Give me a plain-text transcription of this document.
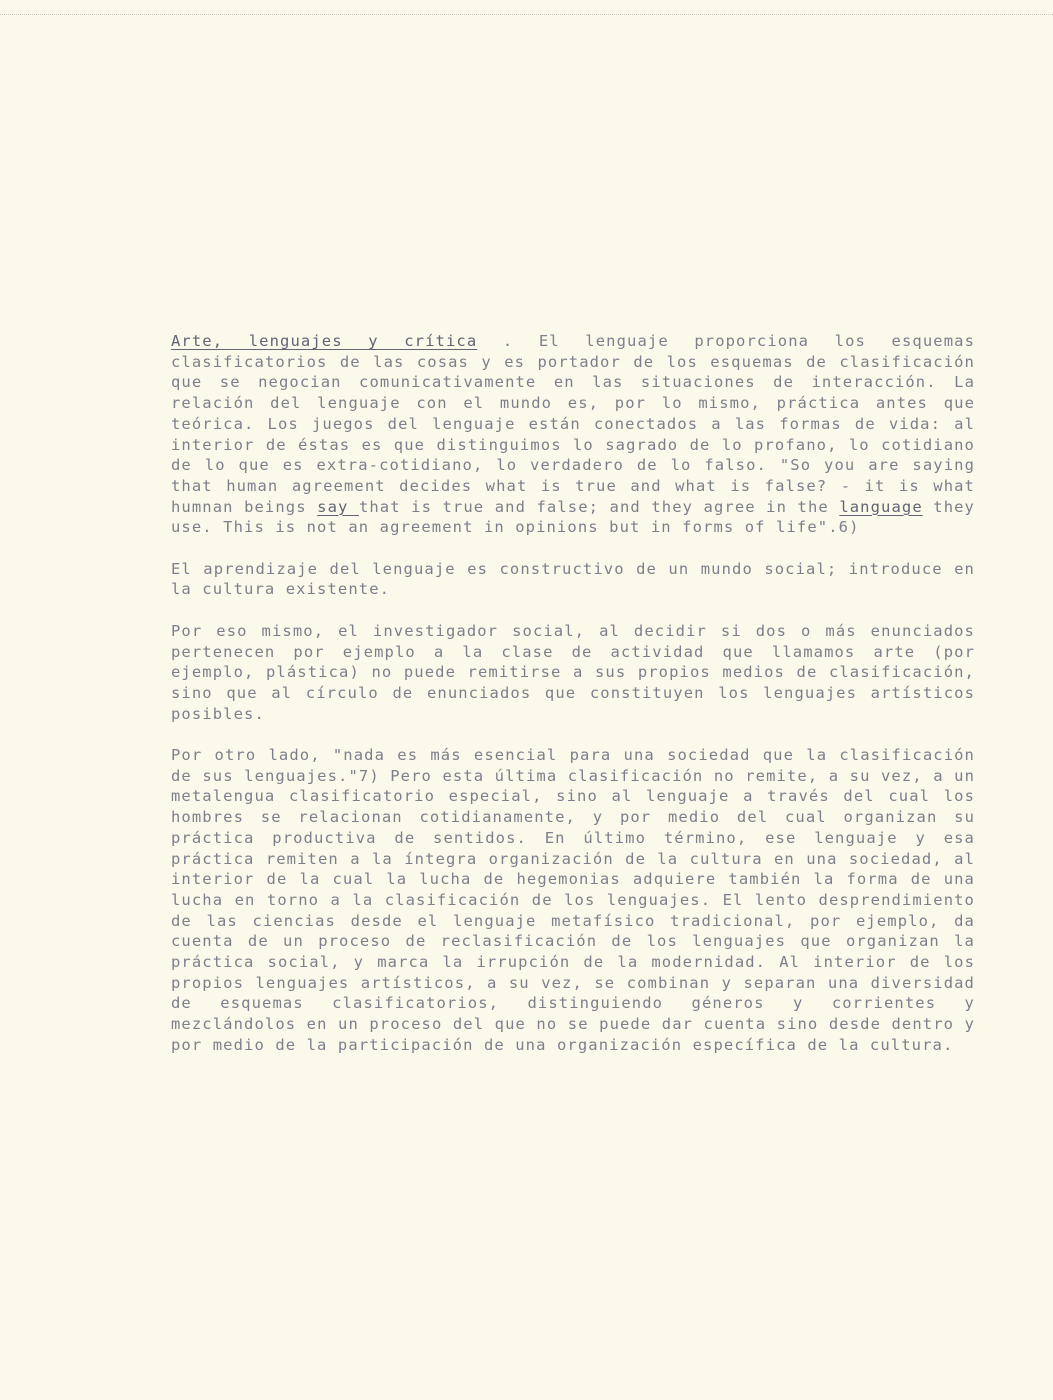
Arte, lenguajes y crítica . El lenguaje proporciona los esquemas clasificatorios de las cosas y es portador de los esquemas de clasificación que se negocian comunicativamente en las situaciones de interacción. La relación del lenguaje con el mundo es, por lo mismo, práctica antes que teórica. Los juegos del lenguaje están conectados a las formas de vida: al interior de éstas es que distinguimos lo sagrado de lo profano, lo cotidiano de lo que es extra-cotidiano, lo verdadero de lo falso. "So you are saying that human agreement decides what is true and what is false? - it is what humnan beings say that is true and false; and they agree in the language they use. This is not an agreement in opinions but in forms of life".6)

El aprendizaje del lenguaje es constructivo de un mundo social; introduce en la cultura existente.

Por eso mismo, el investigador social, al decidir si dos o más enunciados pertenecen por ejemplo a la clase de actividad que llamamos arte (por ejemplo, plástica) no puede remitirse a sus propios medios de clasificación, sino que al círculo de enunciados que constituyen los lenguajes artísticos posibles.

Por otro lado, "nada es más esencial para una sociedad que la clasificación de sus lenguajes."7) Pero esta última clasificación no remite, a su vez, a un metalengua clasificatorio especial, sino al lenguaje a través del cual los hombres se relacionan cotidianamente, y por medio del cual organizan su práctica productiva de sentidos. En último término, ese lenguaje y esa práctica remiten a la íntegra organización de la cultura en una sociedad, al interior de la cual la lucha de hegemonias adquiere también la forma de una lucha en torno a la clasificación de los lenguajes. El lento desprendimiento de las ciencias desde el lenguaje metafísico tradicional, por ejemplo, da cuenta de un proceso de reclasificación de los lenguajes que organizan la práctica social, y marca la irrupción de la modernidad. Al interior de los propios lenguajes artísticos, a su vez, se combinan y separan una diversidad de esquemas clasificatorios, distinguiendo géneros y corrientes y mezclándolos en un proceso del que no se puede dar cuenta sino desde dentro y por medio de la participación de una organización específica de la cultura.
